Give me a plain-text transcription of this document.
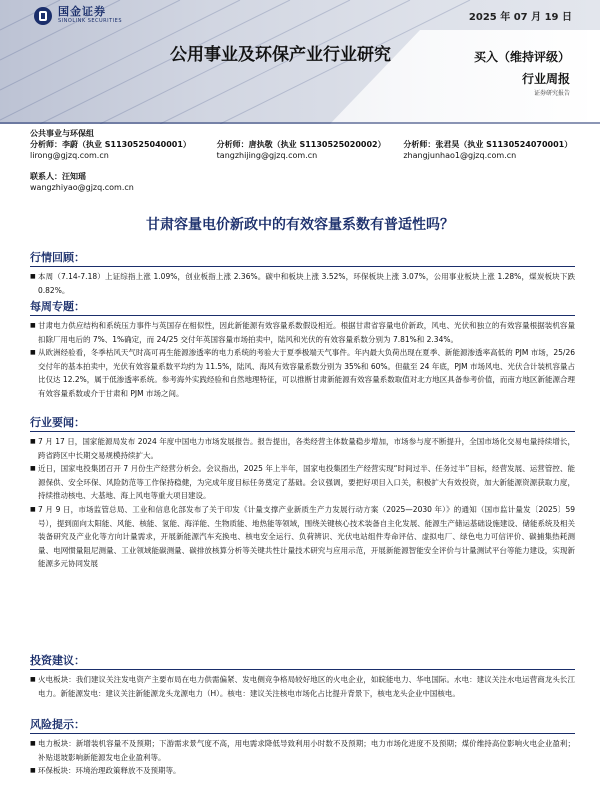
国金证券
SINOLINK SECURITIES	2025 年 07 月 19 日
公用事业及环保产业行业研究	买入（维持评级）
行业周报
证券研究报告
公共事业与环保组
分析师：李蔚（执业 S1130525040001）
lirong@gjzq.com.cn
分析师：唐执敬（执业 S1130525020002）
tangzhijing@gjzq.com.cn
分析师：张君昊（执业 S1130524070001）
zhangjunhao1@gjzq.com.cn
联系人：汪知瑶
wangzhiyao@gjzq.com.cn
甘肃容量电价新政中的有效容量系数有普适性吗？
行情回顾：
■ 本周（7.14-7.18）上证综指上涨 1.09%，创业板指上涨 2.36%。碳中和板块上涨 3.52%，环保板块上涨 3.07%，公用事业板块上涨 1.28%，煤炭板块下跌 0.82%。
每周专题：
■ 甘肃电力供应结构和系统压力事件与英国存在相似性，因此新能源有效容量系数假设相近。根据甘肃省容量电价新政，风电、光伏和独立的有效容量根据装机容量扣除厂用电后的 7%、1%确定，而 24/25 交付年英国容量市场拍卖中，陆风和光伏的有效容量系数分别为 7.81%和 2.34%。
■ 从欧洲经验看，冬季枯风天气时高可再生能源渗透率的电力系统的考验大于夏季极端天气事件。年内最大负荷出现在夏季、新能源渗透率高低的 PJM 市场，25/26 交付年的基本拍卖中，光伏有效容量系数平均约为 11.5%，陆风、海风有效容量系数分别为 35%和 60%。但截至 24 年底，PJM 市场风电、光伏合计装机容量占比仅达 12.2%，属于低渗透率系统。参考海外实践经验和自然地理特征，可以推断甘肃新能源有效容量系数取值对北方地区具备参考价值，而南方地区新能源合理有效容量系数或介于甘肃和 PJM 市场之间。
行业要闻：
■ 7 月 17 日，国家能源局发布 2024 年度中国电力市场发展报告。报告提出，各类经营主体数量稳步增加，市场参与度不断提升，全国市场化交易电量持续增长，跨省跨区中长期交易规模持续扩大。
■ 近日，国家电投集团召开 7 月份生产经营分析会。会议指出，2025 年上半年，国家电投集团生产经营实现“时间过半、任务过半”目标，经营发展、运营管控、能源保供、安全环保、风险防范等工作保持稳健，为完成年度目标任务奠定了基础。会议强调，要把好项目入口关，积极扩大有效投资，加大新能源资源获取力度，持续推动核电、大基地、海上风电等重大项目建设。
■ 7 月 9 日，市场监管总局、工业和信息化部发布了关于印发《计量支撑产业新质生产力发展行动方案（2025—2030 年）》的通知（国市监计量发〔2025〕59 号），提到面向太阳能、风能、核能、氢能、海洋能、生物质能、地热能等领域，围绕关键核心技术装备自主化发展、能源生产储运基础设施建设、储能系统及相关装备研究及产业化等方向计量需求，开展新能源汽车充换电、核电安全运行、负荷辨识、光伏电站组件寿命评估、虚拟电厂、绿色电力可信评价、碳捕集热耗测量、电网惯量阻尼测量、工业领域能碳测量、碳排放核算分析等关键共性计量技术研究与应用示范，开展新能源智能安全评价与计量测试平台等能力建设，实现新能源多元协同发展
投资建议：
■ 火电板块：我们建议关注发电资产主要布局在电力供需偏紧、发电侧竞争格局较好地区的火电企业，如皖能电力、华电国际。水电：建议关注水电运营商龙头长江电力。新能源发电：建议关注新能源龙头龙源电力（H）。核电：建议关注核电市场化占比提升背景下，核电龙头企业中国核电。
风险提示：
■ 电力板块：新增装机容量不及预期；下游需求景气度不高，用电需求降低导致利用小时数不及预期；电力市场化进度不及预期；煤价维持高位影响火电企业盈利；补贴退坡影响新能源发电企业盈利等。
■ 环保板块：环境治理政策释放不及预期等。
